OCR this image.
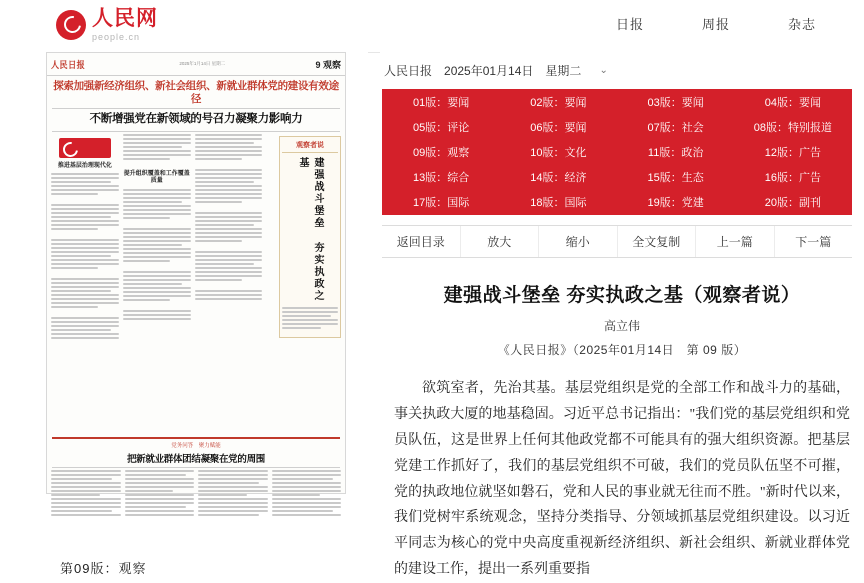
人民网
people.cn
日报	周报	杂志
人民日报	2025年1月14日 星期二	9 观察
探索加强新经济组织、新社会组织、新就业群体党的建设有效途径
不断增强党在新领域的号召力凝聚力影响力
推进基层治理现代化
提升组织覆盖和工作覆盖质量
观察者说
建强战斗堡垒 夯实执政之基
党务问答　聚力赋能
把新就业群体团结凝聚在党的周围
第09版：观察
人民日报 2025年01月14日 星期二 ⌄
01版：要闻	02版：要闻	03版：要闻	04版：要闻
05版：评论	06版：要闻	07版：社会	08版：特别报道
09版：观察	10版：文化	11版：政治	12版：广告
13版：综合	14版：经济	15版：生态	16版：广告
17版：国际	18版：国际	19版：党建	20版：副刊
返回目录	放大	缩小	全文复制	上一篇	下一篇
建强战斗堡垒 夯实执政之基（观察者说）
高立伟
《人民日报》（2025年01月14日　第 09 版）
欲筑室者，先治其基。基层党组织是党的全部工作和战斗力的基础，事关执政大厦的地基稳固。习近平总书记指出："我们党的基层党组织和党员队伍，这是世界上任何其他政党都不可能具有的强大组织资源。把基层党建工作抓好了，我们的基层党组织不可破，我们的党员队伍坚不可摧，党的执政地位就坚如磐石，党和人民的事业就无往而不胜。"新时代以来，我们党树牢系统观念，坚持分类指导、分领域抓基层党组织建设。以习近平同志为核心的党中央高度重视新经济组织、新社会组织、新就业群体党的建设工作，提出一系列重要指
